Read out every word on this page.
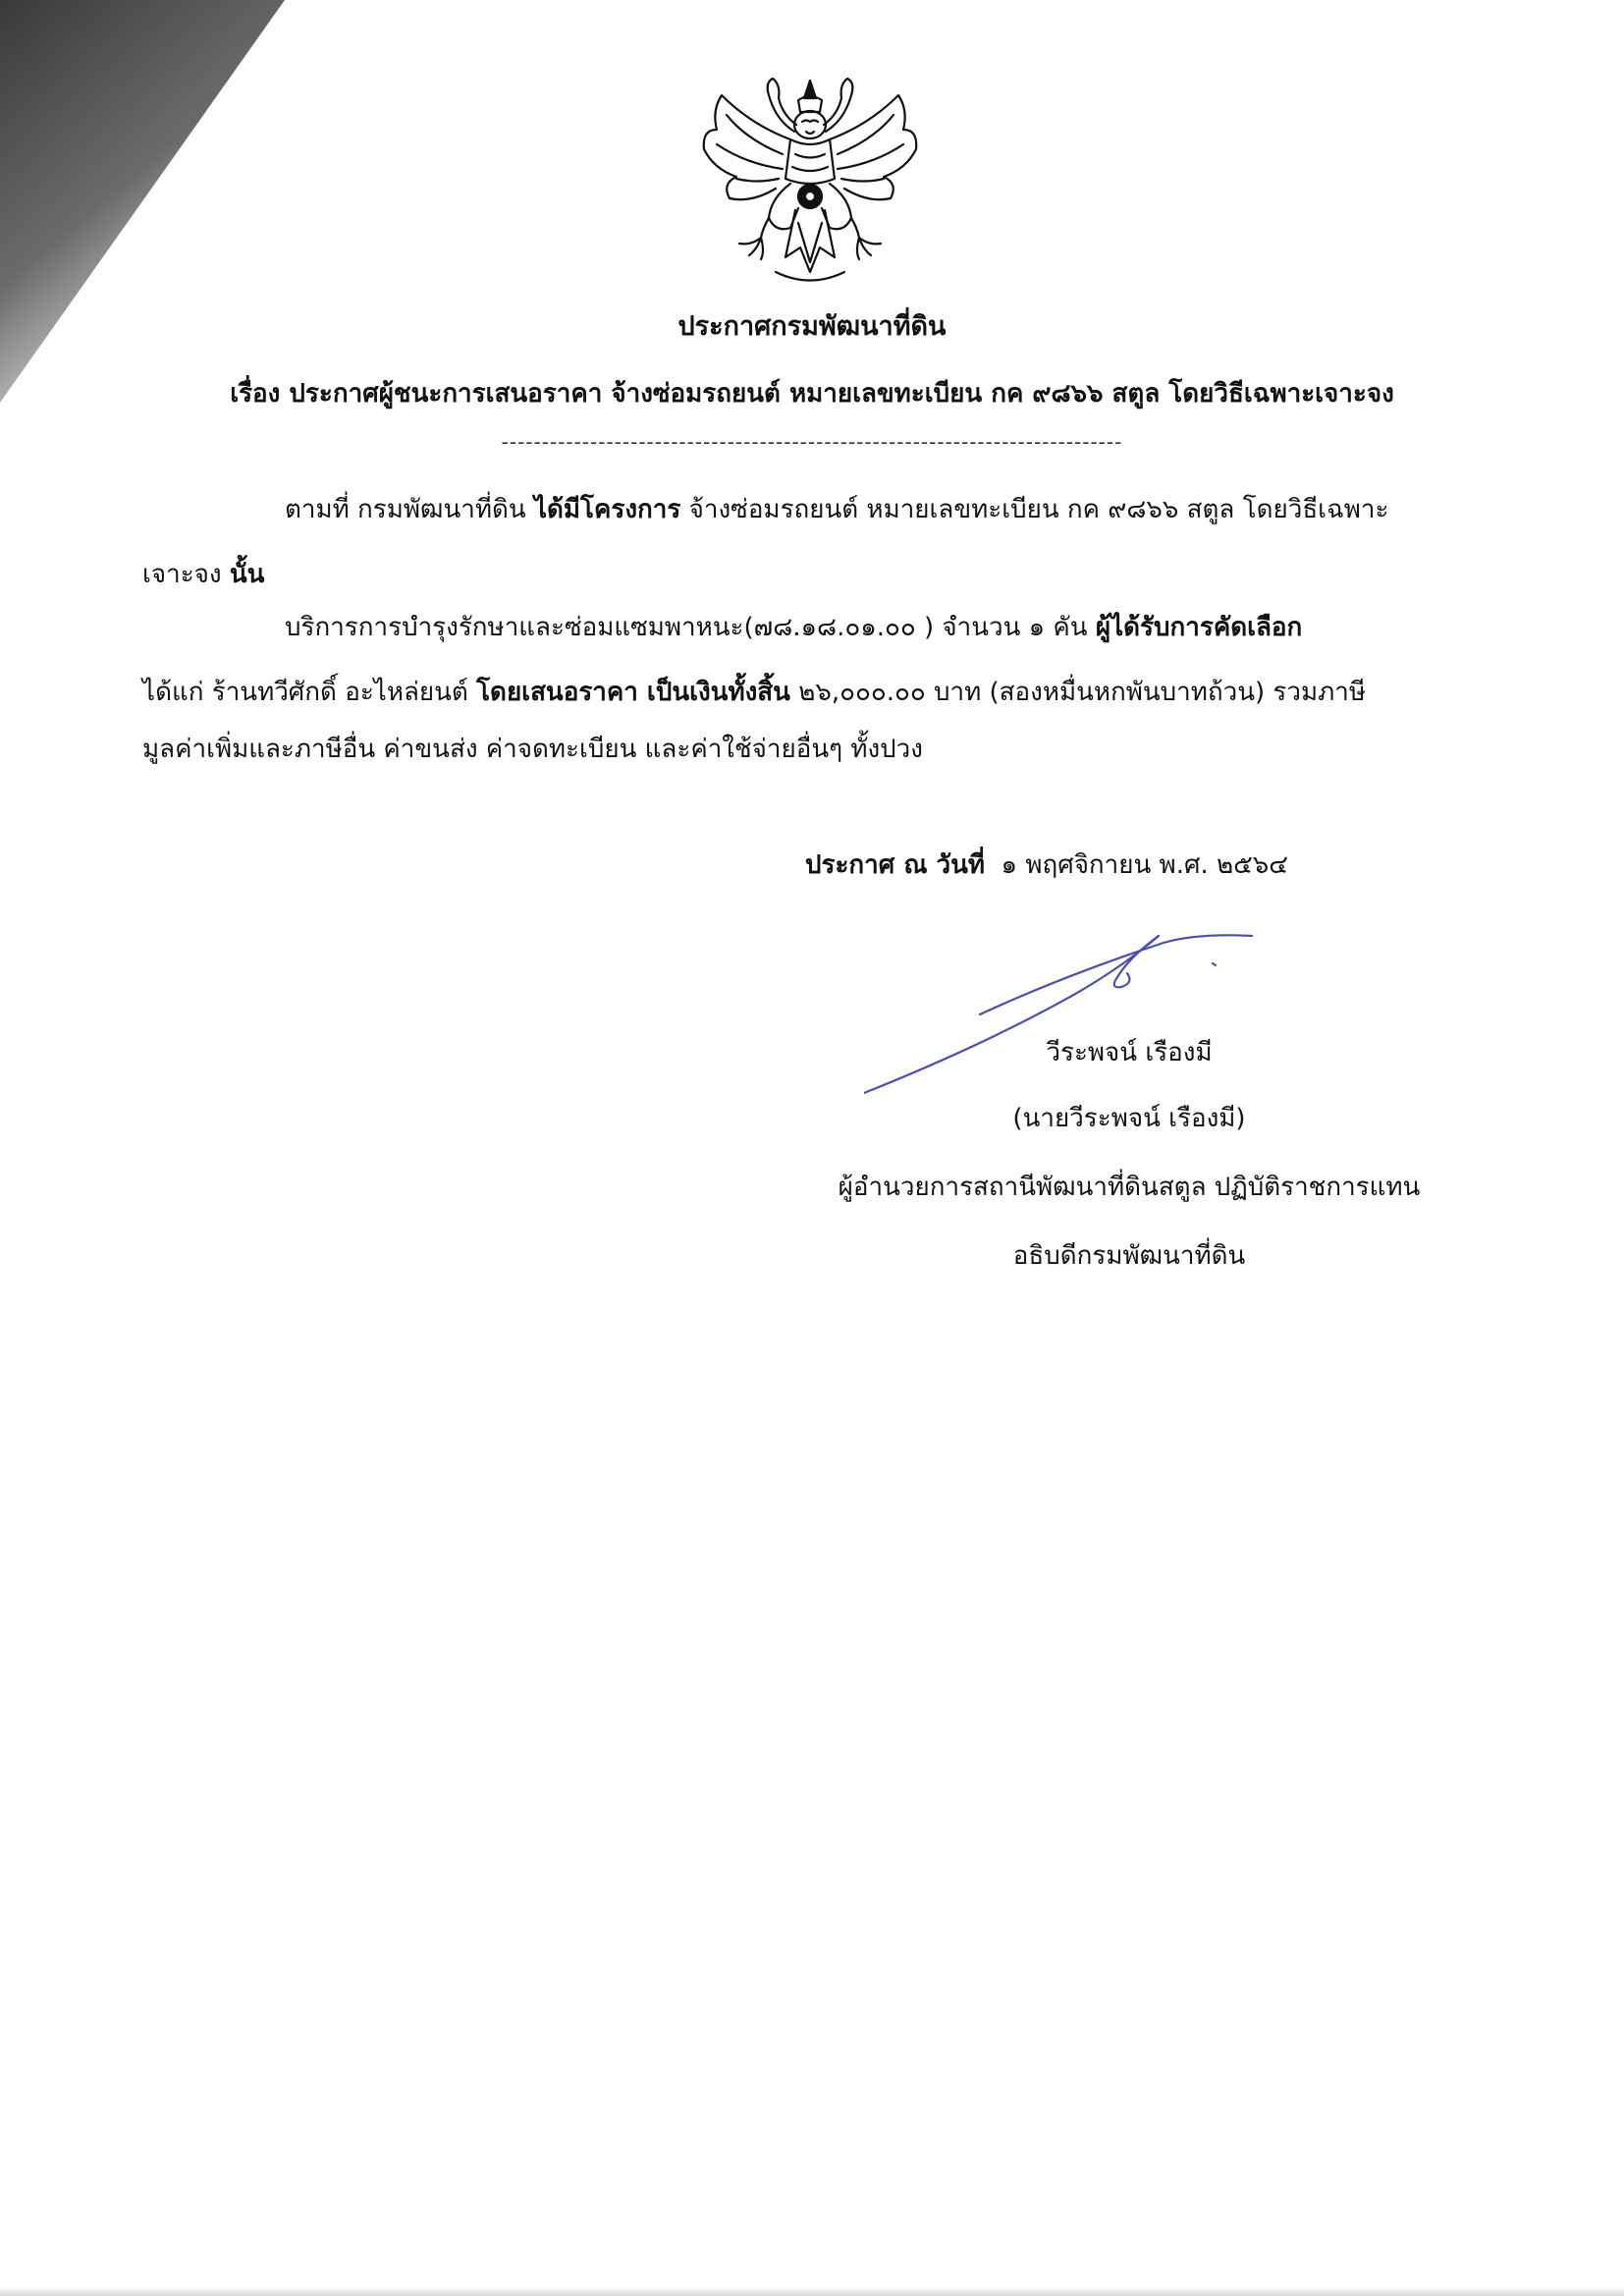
ประกาศกรมพัฒนาที่ดิน
เรื่อง ประกาศผู้ชนะการเสนอราคา จ้างซ่อมรถยนต์ หมายเลขทะเบียน กค ๙๘๖๖ สตูล โดยวิธีเฉพาะเจาะจง
-----------------------------------------------------------------------------
ตามที่ กรมพัฒนาที่ดิน ได้มีโครงการ จ้างซ่อมรถยนต์ หมายเลขทะเบียน กค ๙๘๖๖ สตูล โดยวิธีเฉพาะ
เจาะจง นั้น
บริการการบำรุงรักษาและซ่อมแซมพาหนะ(๗๘.๑๘.๐๑.๐๐ ) จำนวน ๑ คัน ผู้ได้รับการคัดเลือก
ได้แก่ ร้านทวีศักดิ์ อะไหล่ยนต์ โดยเสนอราคา เป็นเงินทั้งสิ้น ๒๖,๐๐๐.๐๐ บาท (สองหมื่นหกพันบาทถ้วน) รวมภาษี
มูลค่าเพิ่มและภาษีอื่น ค่าขนส่ง ค่าจดทะเบียน และค่าใช้จ่ายอื่นๆ ทั้งปวง
ประกาศ ณ วันที่ ๑ พฤศจิกายน พ.ศ. ๒๕๖๔
วีระพจน์ เรืองมี
(นายวีระพจน์ เรืองมี)
ผู้อำนวยการสถานีพัฒนาที่ดินสตูล ปฏิบัติราชการแทน
อธิบดีกรมพัฒนาที่ดิน
